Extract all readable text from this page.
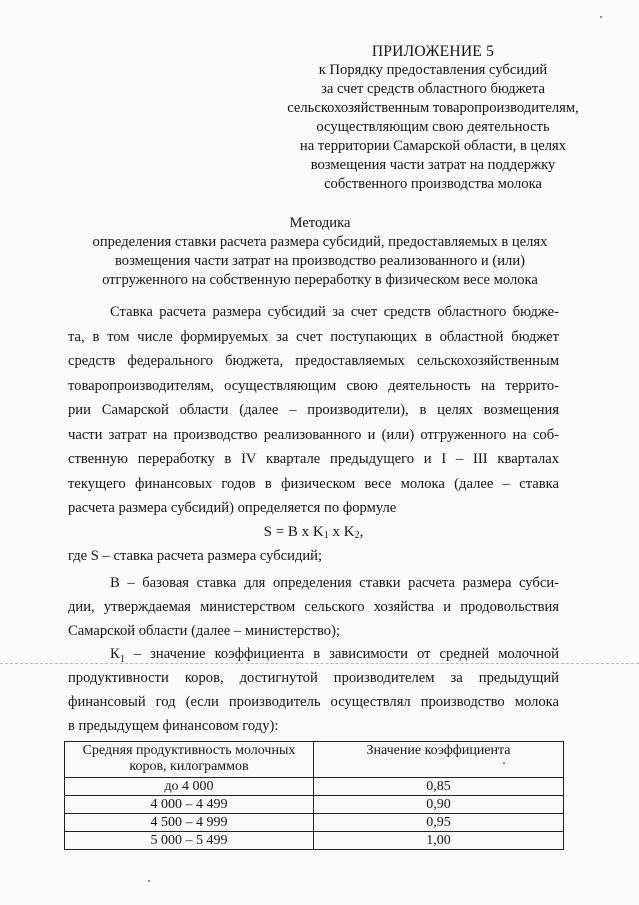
ПРИЛОЖЕНИЕ 5
к Порядку предоставления субсидий
за счет средств областного бюджета
сельскохозяйственным товаропроизводителям,
осуществляющим свою деятельность
на территории Самарской области, в целях
возмещения части затрат на поддержку
собственного производства молока
Методика
определения ставки расчета размера субсидий, предоставляемых в целях
возмещения части затрат на производство реализованного и (или)
отгруженного на собственную переработку в физическом весе молока
Ставка расчета размера субсидий за счет средств областного бюдже-
та, в том числе формируемых за счет поступающих в областной бюджет
средств федерального бюджета, предоставляемых сельскохозяйственным
товаропроизводителям, осуществляющим свою деятельность на террито-
рии Самарской области (далее – производители), в целях возмещения
части затрат на производство реализованного и (или) отгруженного на соб-
ственную переработку в IV квартале предыдущего и I – III кварталах
текущего финансовых годов в физическом весе молока (далее – ставка
расчета размера субсидий) определяется по формуле
S = B x $K_1$ x $K_2$,
где S – ставка расчета размера субсидий;
В – базовая ставка для определения ставки расчета размера субси-
дии, утверждаемая министерством сельского хозяйства и продовольствия
Самарской области (далее – министерство);
$К_1$ – значение коэффициента в зависимости от средней молочной
продуктивности коров, достигнутой производителем за предыдущий
финансовый год (если производитель осуществлял производство молока
в предыдущем финансовом году):
Средняя продуктивность молочных коров, килограммов	Значение коэффициента
до 4 000	0,85
4 000 – 4 499	0,90
4 500 – 4 999	0,95
5 000 – 5 499	1,00
